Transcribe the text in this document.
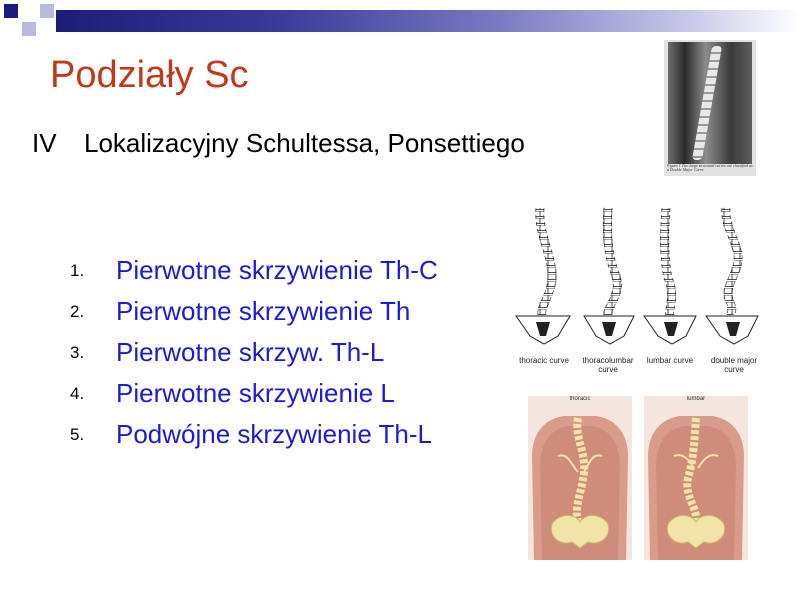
Podziały Sc
IV Lokalizacyjny Schultessa, Ponsettiego
1.	Pierwotne skrzywienie Th-C
2.	Pierwotne skrzywienie Th
3.	Pierwotne skrzyw. Th-L
4.	Pierwotne skrzywienie L
5.	Podwójne skrzywienie Th-L
Figure 1 Two large structural curves are classified as a Double Major Curve.
thoracic curve	thoracolumbar curve
lumbar curve	double major curve
thoracic	lumbar
